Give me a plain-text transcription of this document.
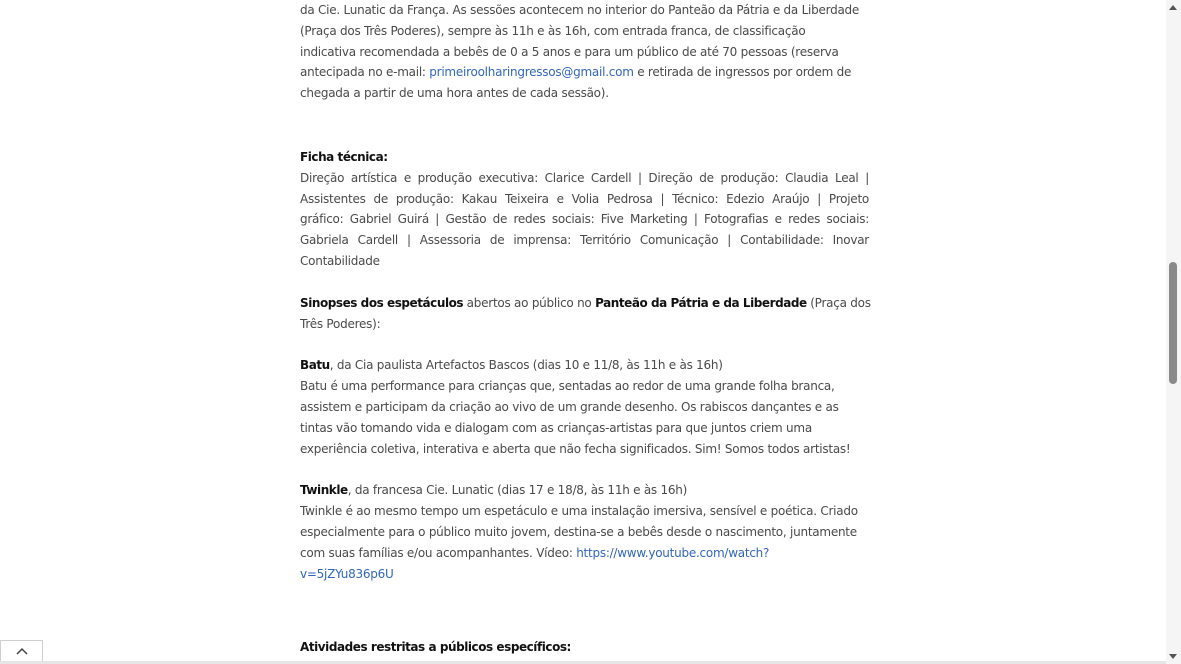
da Cie. Lunatic da França. As sessões acontecem no interior do Panteão da Pátria e da Liberdade
(Praça dos Três Poderes), sempre às 11h e às 16h, com entrada franca, de classificação
indicativa recomendada a bebês de 0 a 5 anos e para um público de até 70 pessoas (reserva
antecipada no e-mail: primeiroolharingressos@gmail.com e retirada de ingressos por ordem de
chegada a partir de uma hora antes de cada sessão).

Ficha técnica:
Direção artística e produção executiva: Clarice Cardell | Direção de produção: Claudia Leal |
Assistentes de produção: Kakau Teixeira e Volia Pedrosa | Técnico: Edezio Araújo | Projeto
gráfico: Gabriel Guirá | Gestão de redes sociais: Five Marketing | Fotografias e redes sociais:
Gabriela Cardell | Assessoria de imprensa: Território Comunicação | Contabilidade: Inovar
Contabilidade

Sinopses dos espetáculos abertos ao público no Panteão da Pátria e da Liberdade (Praça dos
Três Poderes):

Batu, da Cia paulista Artefactos Bascos (dias 10 e 11/8, às 11h e às 16h)
Batu é uma performance para crianças que, sentadas ao redor de uma grande folha branca,
assistem e participam da criação ao vivo de um grande desenho. Os rabiscos dançantes e as
tintas vão tomando vida e dialogam com as crianças-artistas para que juntos criem uma
experiência coletiva, interativa e aberta que não fecha significados. Sim! Somos todos artistas!

Twinkle, da francesa Cie. Lunatic (dias 17 e 18/8, às 11h e às 16h)
Twinkle é ao mesmo tempo um espetáculo e uma instalação imersiva, sensível e poética. Criado
especialmente para o público muito jovem, destina-se a bebês desde o nascimento, juntamente
com suas famílias e/ou acompanhantes. Vídeo: https://www.youtube.com/watch?
v=5jZYu836p6U

Atividades restritas a públicos específicos:
